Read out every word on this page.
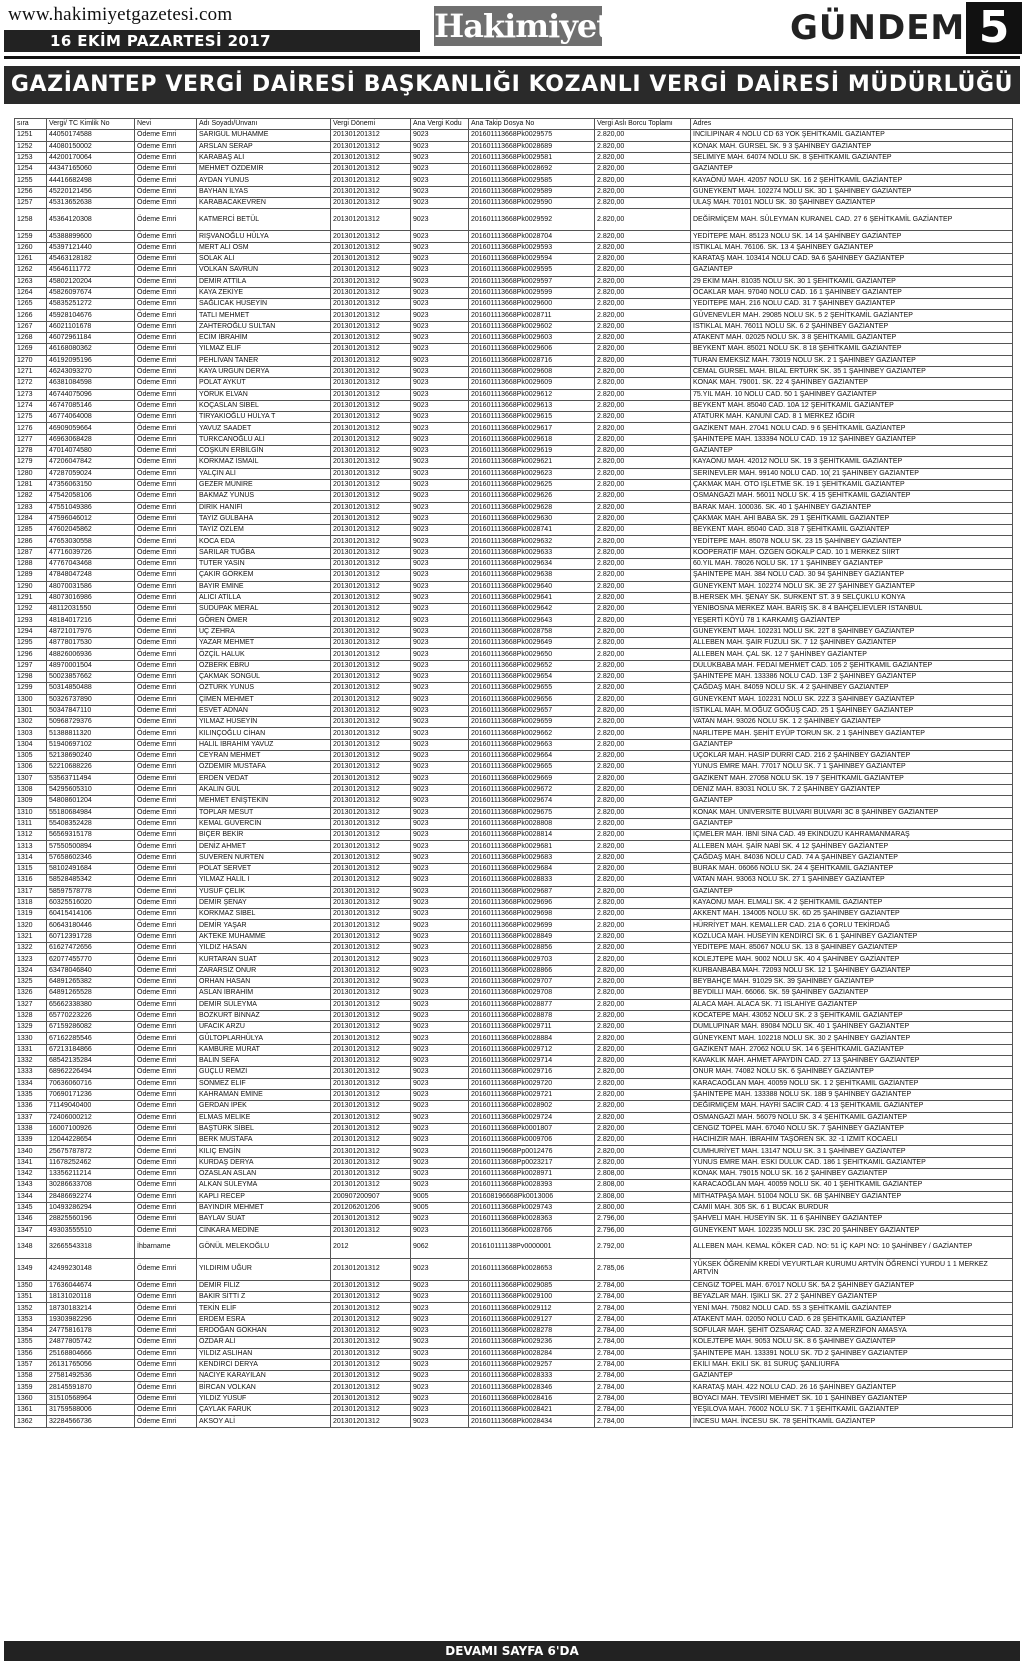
www.hakimiyetgazetesi.com
16 EKİM PAZARTESİ 2017	Hakimiyet	GÜNDEM 5
GAZİANTEP VERGİ DAİRESİ BAŞKANLIĞI KOZANLI VERGİ DAİRESİ MÜDÜRLÜĞÜ
sıra	Vergi/ TC Kimlik No	Nevi	Adı Soyadı/Ünvanı	Vergi Dönemi	Ana Vergi Kodu	Ana Takip Dosya No	Vergi Aslı Borcu Toplamı	Adres
1251	44050174588	Ödeme Emri	SARIGÜL MUHAMME	201301201312	9023	201601113668Pk0029575	2.820,00	İNCİLİPINAR 4 NOLU CD 63 YOK ŞEHİTKAMİL GAZİANTEP
1252	44080150002	Ödeme Emri	ARSLAN SERAP	201301201312	9023	201601113668Pk0028689	2.820,00	KONAK MAH. GÜRSEL SK. 9 3 ŞAHİNBEY GAZİANTEP
1253	44200170064	Ödeme Emri	KARABAŞ ALİ	201301201312	9023	201601113668Pk0029581	2.820,00	SELİMİYE MAH. 64074 NOLU SK. 8 ŞEHİTKAMİL GAZİANTEP
1254	44347165060	Ödeme Emri	MEHMET ÖZDEMİR	201301201312	9023	201601113668Pk0028692	2.820,00	GAZİANTEP
1255	44416682498	Ödeme Emri	AYDAN YUNUS	201301201312	9023	201601113668Pk0029585	2.820,00	KAYAÖNÜ MAH. 42057 NOLU SK. 16 2 ŞEHİTKAMİL GAZİANTEP
1256	45220121456	Ödeme Emri	BAYHAN İLYAS	201301201312	9023	201601113668Pk0029589	2.820,00	GÜNEYKENT MAH. 102274 NOLU SK. 3D 1 ŞAHİNBEY GAZİANTEP
1257	45313652638	Ödeme Emri	KARABACAKEVREN	201301201312	9023	201601113668Pk0029590	2.820,00	ULAŞ MAH. 70101 NOLU SK. 30 ŞAHİNBEY GAZİANTEP
1258	45364120308	Ödeme Emri	KATMERCİ BETÜL	201301201312	9023	201601113668Pk0029592	2.820,00	DEĞİRMİÇEM MAH. SÜLEYMAN KURANEL CAD. 27 6 ŞEHİTKAMİL GAZİANTEP
1259	45388899600	Ödeme Emri	RIŞVANOĞLU HÜLYA	201301201312	9023	201601113668Pk0028704	2.820,00	YEDİTEPE MAH. 85123 NOLU SK. 14 14 ŞAHİNBEY GAZİANTEP
1260	45397121440	Ödeme Emri	MERT ALİ OSM	201301201312	9023	201601113668Pk0029593	2.820,00	İSTİKLAL MAH. 76106. SK. 13 4 ŞAHİNBEY GAZİANTEP
1261	45463128182	Ödeme Emri	SOLAK ALİ	201301201312	9023	201601113668Pk0029594	2.820,00	KARATAŞ MAH. 103414 NOLU CAD. 9A 6 ŞAHİNBEY GAZİANTEP
1262	45646111772	Ödeme Emri	VOLKAN SAVRUN	201301201312	9023	201601113668Pk0029595	2.820,00	GAZİANTEP
1263	45802120204	Ödeme Emri	DEMİR ATTİLA	201301201312	9023	201601113668Pk0029597	2.820,00	29 EKİM MAH. 81035 NOLU SK. 30 1 ŞEHİTKAMİL GAZİANTEP
1264	45826097674	Ödeme Emri	KAYA ZEKİYE	201301201312	9023	201601113668Pk0029599	2.820,00	OCAKLAR MAH. 97040 NOLU CAD. 16 1 ŞAHİNBEY GAZİANTEP
1265	45835251272	Ödeme Emri	SAĞLICAK HÜSEYİN	201301201312	9023	201601113668Pk0029600	2.820,00	YEDİTEPE MAH. 216 NOLU CAD. 31 7 ŞAHİNBEY GAZİANTEP
1266	45928104676	Ödeme Emri	TATLI MEHMET	201301201312	9023	201601113668Pk0028711	2.820,00	GÜVENEVLER MAH. 29085 NOLU SK. 5 2 ŞEHİTKAMİL GAZİANTEP
1267	46021101678	Ödeme Emri	ZAHTEROĞLU SULTAN	201301201312	9023	201601113668Pk0029602	2.820,00	İSTİKLAL MAH. 76011 NOLU SK. 6 2 ŞAHİNBEY GAZİANTEP
1268	46072961184	Ödeme Emri	ECİM İBRAHİM	201301201312	9023	201601113668Pk0029603	2.820,00	ATAKENT MAH. 02025 NOLU SK. 3 8 ŞEHİTKAMİL GAZİANTEP
1269	46168080362	Ödeme Emri	YILMAZ ELİF	201301201312	9023	201601113668Pk0029606	2.820,00	BEYKENT MAH. 85021 NOLU SK. 8 18 ŞEHİTKAMİL GAZİANTEP
1270	46192095196	Ödeme Emri	PEHLİVAN TANER	201301201312	9023	201601113668Pk0028716	2.820,00	TURAN EMEKSİZ MAH. 73019 NOLU SK. 2 1 ŞAHİNBEY GAZİANTEP
1271	46243093270	Ödeme Emri	KAYA URGUN DERYA	201301201312	9023	201601113668Pk0029608	2.820,00	CEMAL GÜRSEL MAH. BİLAL ERTÜRK SK. 35 1 ŞAHİNBEY GAZİANTEP
1272	46381084598	Ödeme Emri	POLAT AYKUT	201301201312	9023	201601113668Pk0029609	2.820,00	KONAK MAH. 79001. SK. 22 4 ŞAHİNBEY GAZİANTEP
1273	46744075096	Ödeme Emri	YÖRÜK ELVAN	201301201312	9023	201601113668Pk0029612	2.820,00	75.YIL MAH. 10 NOLU CAD. 50 1 ŞAHİNBEY GAZİANTEP
1274	46747085146	Ödeme Emri	KOÇASLAN SİBEL	201301201312	9023	201601113668Pk0029613	2.820,00	BEYKENT MAH. 85040 CAD. 10A 12 ŞEHİTKAMİL GAZİANTEP
1275	46774064008	Ödeme Emri	TİRYAKİOĞLU HÜLYA T	201301201312	9023	201601113668Pk0029615	2.820,00	ATATÜRK MAH. KANUNİ CAD. 8 1 MERKEZ IĞDIR
1276	46909059664	Ödeme Emri	YAVUZ SAADET	201301201312	9023	201601113668Pk0029617	2.820,00	GAZİKENT MAH. 27041 NOLU CAD. 9 6 ŞEHİTKAMİL GAZİANTEP
1277	46963068428	Ödeme Emri	TÜRKCANOĞLU ALİ	201301201312	9023	201601113668Pk0029618	2.820,00	ŞAHİNTEPE MAH. 133394 NOLU CAD. 19 12 ŞAHİNBEY GAZİANTEP
1278	47014074580	Ödeme Emri	COŞKUN ERBİLGİN	201301201312	9023	201601113668Pk0029619	2.820,00	GAZİANTEP
1279	47206047842	Ödeme Emri	KORKMAZ İSMAİL	201301201312	9023	201601113668Pk0029621	2.820,00	KAYAÖNÜ MAH. 42012 NOLU SK. 19 3 ŞEHİTKAMİL GAZİANTEP
1280	47287059024	Ödeme Emri	YALÇIN ALİ	201301201312	9023	201601113668Pk0029623	2.820,00	SERİNEVLER MAH. 99140 NOLU CAD. 10( 21 ŞAHİNBEY GAZİANTEP
1281	47356063150	Ödeme Emri	GEZER MÜNİRE	201301201312	9023	201601113668Pk0029625	2.820,00	ÇAKMAK MAH. OTO İŞLETME SK. 19 1 ŞEHİTKAMİL GAZİANTEP
1282	47542058106	Ödeme Emri	BAKMAZ YUNUS	201301201312	9023	201601113668Pk0029626	2.820,00	OSMANGAZİ MAH. 56011 NOLU SK. 4 15 ŞEHİTKAMİL GAZİANTEP
1283	47551049386	Ödeme Emri	DİRİK HANİFİ	201301201312	9023	201601113668Pk0029628	2.820,00	BARAK MAH. 100036. SK. 40 1 ŞAHİNBEY GAZİANTEP
1284	47596046012	Ödeme Emri	TAYİZ GÜLBAHA	201301201312	9023	201601113668Pk0029630	2.820,00	ÇAKMAK MAH. AHİ BABA SK. 29 1 ŞEHİTKAMİL GAZİANTEP
1285	47602045862	Ödeme Emri	TAYİZ ÖZLEM	201301201312	9023	201601113668Pk0028741	2.820,00	BEYKENT MAH. 85040 CAD. 318 7 ŞEHİTKAMİL GAZİANTEP
1286	47653030558	Ödeme Emri	KOCA EDA	201301201312	9023	201601113668Pk0029632	2.820,00	YEDİTEPE MAH. 85078 NOLU SK. 23 15 ŞAHİNBEY GAZİANTEP
1287	47716039726	Ödeme Emri	SARILAR TUĞBA	201301201312	9023	201601113668Pk0029633	2.820,00	KOOPERATİF MAH. ÖZGEN GÖKALP CAD. 10 1 MERKEZ SİİRT
1288	47767043468	Ödeme Emri	TÜTER YASİN	201301201312	9023	201601113668Pk0029634	2.820,00	60.YIL MAH. 78026 NOLU SK. 17 1 ŞAHİNBEY GAZİANTEP
1289	47848047248	Ödeme Emri	ÇAKIR GÖRKEM	201301201312	9023	201601113668Pk0029638	2.820,00	ŞAHİNTEPE MAH. 384 NOLU CAD. 30 94 ŞAHİNBEY GAZİANTEP
1290	48070031586	Ödeme Emri	BAYIR EMİNE	201301201312	9023	201601113668Pk0029640	2.820,00	GÜNEYKENT MAH. 102274 NOLU SK. 3E 27 ŞAHİNBEY GAZİANTEP
1291	48073016986	Ödeme Emri	ALICI ATİLLA	201301201312	9023	201601113668Pk0029641	2.820,00	B.HERSEK MH. ŞENAY SK. SURKENT ST. 3 9 SELÇUKLU KONYA
1292	48112031550	Ödeme Emri	SÜDÜPAK MERAL	201301201312	9023	201601113668Pk0029642	2.820,00	YENİBOSNA MERKEZ MAH. BARIŞ SK. 8 4 BAHÇELİEVLER İSTANBUL
1293	48184017216	Ödeme Emri	GÖREN ÖMER	201301201312	9023	201601113668Pk0029643	2.820,00	YEŞERTİ KÖYÜ 78 1 KARKAMIŞ GAZİANTEP
1294	48721017976	Ödeme Emri	UÇ ZEHRA	201301201312	9023	201601113668Pk0028758	2.820,00	GÜNEYKENT MAH. 102231 NOLU SK. 22T 8 ŞAHİNBEY GAZİANTEP
1295	48778017530	Ödeme Emri	YAZAR MEHMET	201301201312	9023	201601113668Pk0029649	2.820,00	ALLEBEN MAH. ŞAİR FUZULİ SK. 7 12 ŞAHİNBEY GAZİANTEP
1296	48826006936	Ödeme Emri	ÖZÇİL HALUK	201301201312	9023	201601113668Pk0029650	2.820,00	ALLEBEN MAH. ÇAL SK. 12 7 ŞAHİNBEY GAZİANTEP
1297	48970001504	Ödeme Emri	ÖZBERK EBRU	201301201312	9023	201601113668Pk0029652	2.820,00	DÜLÜKBABA MAH. FEDAİ MEHMET CAD. 105 2 ŞEHİTKAMİL GAZİANTEP
1298	50023857662	Ödeme Emri	ÇAKMAK SONGÜL	201301201312	9023	201601113668Pk0029654	2.820,00	ŞAHİNTEPE MAH. 133386 NOLU CAD. 13F 2 ŞAHİNBEY GAZİANTEP
1299	50314850488	Ödeme Emri	ÖZTÜRK YUNUS	201301201312	9023	201601113668Pk0029655	2.820,00	ÇAĞDAŞ MAH. 84059 NOLU SK. 4 2 ŞAHİNBEY GAZİANTEP
1300	50326737890	Ödeme Emri	ÇİMEN MEHMET	201301201312	9023	201601113668Pk0029656	2.820,00	GÜNEYKENT MAH. 102231 NOLU SK. 22Z 3 ŞAHİNBEY GAZİANTEP
1301	50347847110	Ödeme Emri	ESVET ADNAN	201301201312	9023	201601113668Pk0029657	2.820,00	İSTİKLAL MAH. M.OĞUZ GÖĞÜŞ CAD. 25 1 ŞAHİNBEY GAZİANTEP
1302	50968729376	Ödeme Emri	YILMAZ HÜSEYİN	201301201312	9023	201601113668Pk0029659	2.820,00	VATAN MAH. 93026 NOLU SK. 1 2 ŞAHİNBEY GAZİANTEP
1303	51388811320	Ödeme Emri	KILINÇOĞLU CİHAN	201301201312	9023	201601113668Pk0029662	2.820,00	NARLITEPE MAH. ŞEHİT EYÜP TORUN SK. 2 1 ŞAHİNBEY GAZİANTEP
1304	51940697102	Ödeme Emri	HALİL İBRAHİM YAVUZ	201301201312	9023	201601113668Pk0029663	2.820,00	GAZİANTEP
1305	52138690240	Ödeme Emri	CEYRAN MEHMET	201301201312	9023	201601113668Pk0029664	2.820,00	ÜÇOKLAR MAH. HASİP DÜRRİ CAD. 216 2 ŞAHİNBEY GAZİANTEP
1306	52210688226	Ödeme Emri	ÖZDEMİR MUSTAFA	201301201312	9023	201601113668Pk0029665	2.820,00	YUNUS EMRE MAH. 77017 NOLU SK. 7 1 ŞAHİNBEY GAZİANTEP
1307	53563711494	Ödeme Emri	ERDEN VEDAT	201301201312	9023	201601113668Pk0029669	2.820,00	GAZİKENT MAH. 27058 NOLU SK. 19 7 ŞEHİTKAMİL GAZİANTEP
1308	54295605310	Ödeme Emri	AKALIN GÜL	201301201312	9023	201601113668Pk0029672	2.820,00	DENİZ MAH. 83031 NOLU SK. 7 2 ŞAHİNBEY GAZİANTEP
1309	54808601204	Ödeme Emri	MEHMET ENİŞTEKİN	201301201312	9023	201601113668Pk0029674	2.820,00	GAZİANTEP
1310	55180684984	Ödeme Emri	TOPLAR MESUT	201301201312	9023	201601113668Pk0029675	2.820,00	KONAK MAH. ÜNİVERSİTE BULVARI BULVARI 3C 8 ŞAHİNBEY GAZİANTEP
1311	55408352428	Ödeme Emri	KEMAL GÜVERCİN	201301201312	9023	201601113668Pk0028808	2.820,00	GAZİANTEP
1312	56569315178	Ödeme Emri	BİÇER BEKİR	201301201312	9023	201601113668Pk0028814	2.820,00	İÇMELER MAH. İBNİ SİNA CAD. 49 EKİNDÜZÜ KAHRAMANMARAŞ
1313	57550500894	Ödeme Emri	DENİZ AHMET	201301201312	9023	201601113668Pk0029681	2.820,00	ALLEBEN MAH. ŞAİR NABİ SK. 4 12 ŞAHİNBEY GAZİANTEP
1314	57658602346	Ödeme Emri	SUVEREN NURTEN	201301201312	9023	201601113668Pk0029683	2.820,00	ÇAĞDAŞ MAH. 84036 NOLU CAD. 74 A ŞAHİNBEY GAZİANTEP
1315	58102491684	Ödeme Emri	POLAT SERVET	201301201312	9023	201601113668Pk0029684	2.820,00	BURAK MAH. 06066 NOLU SK. 24 4 ŞEHİTKAMİL GAZİANTEP
1316	58528485342	Ödeme Emri	YILMAZ HALİL İ	201301201312	9023	201601113668Pk0028833	2.820,00	VATAN MAH. 93063 NOLU SK. 27 1 ŞAHİNBEY GAZİANTEP
1317	58597578778	Ödeme Emri	YUSUF ÇELİK	201301201312	9023	201601113668Pk0029687	2.820,00	GAZİANTEP
1318	60325516020	Ödeme Emri	DEMİR ŞENAY	201301201312	9023	201601113668Pk0029696	2.820,00	KAYAÖNÜ MAH. ELMALI SK. 4 2 ŞEHİTKAMİL GAZİANTEP
1319	60415414106	Ödeme Emri	KORKMAZ SİBEL	201301201312	9023	201601113668Pk0029698	2.820,00	AKKENT MAH. 134005 NOLU SK. 6D 25 ŞAHİNBEY GAZİANTEP
1320	60643180446	Ödeme Emri	DEMİR YAŞAR	201301201312	9023	201601113668Pk0029699	2.820,00	HÜRRİYET MAH. KEMALLER CAD. 21A 6 ÇORLU TEKİRDAĞ
1321	60712391728	Ödeme Emri	AKTEKE MUHAMME	201301201312	9023	201601113668Pk0028849	2.820,00	KOZLUCA MAH. HÜSEYİN KENDİRCİ SK. 6 1 ŞAHİNBEY GAZİANTEP
1322	61627472656	Ödeme Emri	YILDIZ HASAN	201301201312	9023	201601113668Pk0028856	2.820,00	YEDİTEPE MAH. 85067 NOLU SK. 13 8 ŞAHİNBEY GAZİANTEP
1323	62077455770	Ödeme Emri	KURTARAN SUAT	201301201312	9023	201601113668Pk0029703	2.820,00	KOLEJTEPE MAH. 9002 NOLU SK. 40 4 ŞAHİNBEY GAZİANTEP
1324	63478046840	Ödeme Emri	ZARARSIZ ONUR	201301201312	9023	201601113668Pk0028866	2.820,00	KURBANBABA MAH. 72093 NOLU SK. 12 1 ŞAHİNBEY GAZİANTEP
1325	64891265382	Ödeme Emri	ORHAN HASAN	201301201312	9023	201601113668Pk0029707	2.820,00	BEYBAHÇE MAH. 91029 SK. 39 ŞAHİNBEY GAZİANTEP
1326	64891265528	Ödeme Emri	ASLAN İBRAHİM	201301201312	9023	201601113668Pk0029708	2.820,00	BEYDİLLİ MAH. 66066. SK. 59 ŞAHİNBEY GAZİANTEP
1327	65662338380	Ödeme Emri	DEMİR SÜLEYMA	201301201312	9023	201601113668Pk0028877	2.820,00	ALACA MAH. ALACA SK. 71 İSLAHİYE GAZİANTEP
1328	65770223226	Ödeme Emri	BOZKURT BİNNAZ	201301201312	9023	201601113668Pk0028878	2.820,00	KOCATEPE MAH. 43052 NOLU SK. 2 3 ŞEHİTKAMİL GAZİANTEP
1329	67159286082	Ödeme Emri	UFACIK ARZU	201301201312	9023	201601113668Pk0029711	2.820,00	DUMLUPINAR MAH. 89084 NOLU SK. 40 1 ŞAHİNBEY GAZİANTEP
1330	67162285546	Ödeme Emri	GÜLTOPLARHÜLYA	201301201312	9023	201601113668Pk0028884	2.820,00	GÜNEYKENT MAH. 102218 NOLU SK. 30 2 ŞAHİNBEY GAZİANTEP
1331	67213184866	Ödeme Emri	KAMBÜRE MURAT	201301201312	9023	201601113668Pk0029712	2.820,00	GAZİKENT MAH. 27062 NOLU SK. 14 6 ŞEHİTKAMİL GAZİANTEP
1332	68542135284	Ödeme Emri	BALIN SEFA	201301201312	9023	201601113668Pk0029714	2.820,00	KAVAKLIK MAH. AHMET APAYDIN CAD. 27 13 ŞAHİNBEY GAZİANTEP
1333	68962226494	Ödeme Emri	GÜÇLÜ REMZİ	201301201312	9023	201601113668Pk0029716	2.820,00	ONUR MAH. 74082 NOLU SK. 6 ŞAHİNBEY GAZİANTEP
1334	70636060716	Ödeme Emri	SÖNMEZ ELİF	201301201312	9023	201601113668Pk0029720	2.820,00	KARACAOĞLAN MAH. 40059 NOLU SK. 1 2 ŞEHİTKAMİL GAZİANTEP
1335	70690171236	Ödeme Emri	KAHRAMAN EMİNE	201301201312	9023	201601113668Pk0029721	2.820,00	ŞAHİNTEPE MAH. 133388 NOLU SK. 18B 9 ŞAHİNBEY GAZİANTEP
1336	71149040400	Ödeme Emri	GERDAN İPEK	201301201312	9023	201601113668Pk0028902	2.820,00	DEĞİRMİÇEM MAH. HAYRİ SACİR CAD. 4 13 ŞEHİTKAMİL GAZİANTEP
1337	72406000212	Ödeme Emri	ELMAS MELİKE	201301201312	9023	201601113668Pk0029724	2.820,00	OSMANGAZİ MAH. 56079 NOLU SK. 3 4 ŞEHİTKAMİL GAZİANTEP
1338	16007100926	Ödeme Emri	BAŞTÜRK SİBEL	201301201312	9023	201601113668Pk0001807	2.820,00	CENGİZ TOPEL MAH. 67040 NOLU SK. 7 ŞAHİNBEY GAZİANTEP
1339	12044228654	Ödeme Emri	BERK MUSTAFA	201301201312	9023	201601113668Pk0009706	2.820,00	HACIHIZIR MAH. İBRAHİM TAŞÖREN SK. 32 -1 İZMİT KOCAELİ
1340	25675787872	Ödeme Emri	KILIÇ ENGİN	201301201312	9023	201601119668Pp0012476	2.820,00	CUMHURİYET MAH. 13147 NOLU SK. 3 1 ŞAHİNBEY GAZİANTEP
1341	11678252462	Ödeme Emri	KURDAŞ DERYA	201301201312	9023	201601113668Pp0023217	2.820,00	YUNUS EMRE MAH. ESKİ DÜLÜK CAD. 186 1 ŞEHİTKAMİL GAZİANTEP
1342	13356211214	Ödeme Emri	ÖZASLAN ASLAN	201301201312	9023	201601113668Pk0028971	2.808,00	KONAK MAH. 79015 NOLU SK. 16 2 ŞAHİNBEY GAZİANTEP
1343	30286633708	Ödeme Emri	ALKAN SÜLEYMA	201301201312	9023	201601113668Pk0028393	2.808,00	KARACAOĞLAN MAH. 40059 NOLU SK. 40 1 ŞEHİTKAMİL GAZİANTEP
1344	28486692274	Ödeme Emri	KAPLI RECEP	200907200907	9005	201608196668Pk0013006	2.808,00	MİTHATPAŞA MAH. 51004 NOLU SK. 6B ŞAHİNBEY GAZİANTEP
1345	10493286294	Ödeme Emri	BAYINDIR MEHMET	201206201206	9005	201601113668Pk0029743	2.800,00	CAMİİ MAH. 305 SK. 6 1 BUCAK BURDUR
1346	28825560196	Ödeme Emri	BAYLAV SUAT	201301201312	9023	201601113668Pk0028363	2.796,00	ŞAHVELİ MAH. HÜSEYİN SK. 11 6 ŞAHİNBEY GAZİANTEP
1347	49303555510	Ödeme Emri	CİNKARA MEDİNE	201301201312	9023	201601113668Pk0028766	2.796,00	GÜNEYKENT MAH. 102235 NOLU SK. 23C 20 ŞAHİNBEY GAZİANTEP
1348	32665543318	İhbarname	GÖNÜL MELEKOĞLU	2012	9062	201610111138Pv0000001	2.792,00	ALLEBEN MAH. KEMAL KÖKER CAD. NO: 51 İÇ KAPI NO: 10 ŞAHİNBEY / GAZİANTEP
1349	42499230148	Ödeme Emri	YILDIRIM UĞUR	201301201312	9023	201601113668Pk0028653	2.785,06	YÜKSEK ÖĞRENİM KREDİ VEYURTLAR KURUMU ARTVİN ÖĞRENCİ YURDU 1 1 MERKEZ ARTVİN
1350	17636044674	Ödeme Emri	DEMİR FİLİZ	201301201312	9023	201601113668Pk0029085	2.784,00	CENGİZ TOPEL MAH. 67017 NOLU SK. 5A 2 ŞAHİNBEY GAZİANTEP
1351	18131020118	Ödeme Emri	BAKIR SİTTİ Z	201301201312	9023	201601113668Pk0029100	2.784,00	BEYAZLAR MAH. IŞIKLI SK. 27 2 ŞAHİNBEY GAZİANTEP
1352	18730183214	Ödeme Emri	TEKİN ELİF	201301201312	9023	201601113668Pk0029112	2.784,00	YENİ MAH. 75082 NOLU CAD. 5S 3 ŞEHİTKAMİL GAZİANTEP
1353	19303982296	Ödeme Emri	ERDEM ESRA	201301201312	9023	201601113668Pk0029127	2.784,00	ATAKENT MAH. 02050 NOLU CAD. 6 28 ŞEHİTKAMİL GAZİANTEP
1354	24775816178	Ödeme Emri	ERDOĞAN GÖKHAN	201301201312	9023	201601113668Pk0028278	2.784,00	SOFULAR MAH. ŞEHİT ÖZSARAÇ CAD. 32 A MERZİFON AMASYA
1355	24877805742	Ödeme Emri	ÖZDAR ALİ	201301201312	9023	201601113668Pk0029236	2.784,00	KOLEJTEPE MAH. 9053 NOLU SK. 8 6 ŞAHİNBEY GAZİANTEP
1356	25168804666	Ödeme Emri	YILDIZ ASLIHAN	201301201312	9023	201601113668Pk0028284	2.784,00	ŞAHİNTEPE MAH. 133391 NOLU SK. 7D 2 ŞAHİNBEY GAZİANTEP
1357	26131765056	Ödeme Emri	KENDİRCİ DERYA	201301201312	9023	201601113668Pk0029257	2.784,00	EKİLİ MAH. EKİLİ SK. 81 SURUÇ ŞANLIURFA
1358	27581492536	Ödeme Emri	NACİYE KARAYILAN	201301201312	9023	201601113668Pk0028333	2.784,00	GAZİANTEP
1359	28145591870	Ödeme Emri	BİRCAN VOLKAN	201301201312	9023	201601113668Pk0028346	2.784,00	KARATAŞ MAH. 422 NOLU CAD. 26 16 ŞAHİNBEY GAZİANTEP
1360	31510568964	Ödeme Emri	YILDIZ YUSUF	201301201312	9023	201601113668Pk0028416	2.784,00	BOYACI MAH. TEVSİRİ MEHMET SK. 10 1 ŞAHİNBEY GAZİANTEP
1361	31759588006	Ödeme Emri	ÇAYLAK FARUK	201301201312	9023	201601113668Pk0028421	2.784,00	YEŞİLOVA MAH. 76002 NOLU SK. 7 1 ŞEHİTKAMİL GAZİANTEP
1362	32284566736	Ödeme Emri	AKSOY ALİ	201301201312	9023	201601113668Pk0028434	2.784,00	İNCESU MAH. İNCESU SK. 78 ŞEHİTKAMİL GAZİANTEP
DEVAMI SAYFA 6'DA
